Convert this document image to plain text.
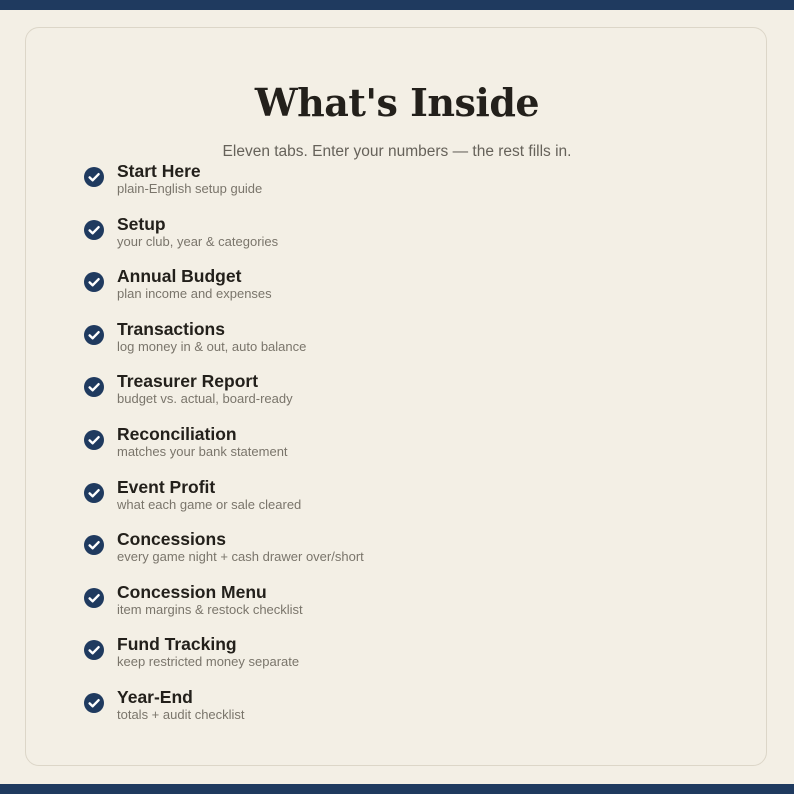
What's Inside

Eleven tabs. Enter your numbers — the rest fills in.

Start Here
plain-English setup guide
Setup
your club, year & categories
Annual Budget
plan income and expenses
Transactions
log money in & out, auto balance
Treasurer Report
budget vs. actual, board-ready
Reconciliation
matches your bank statement
Event Profit
what each game or sale cleared
Concessions
every game night + cash drawer over/short
Concession Menu
item margins & restock checklist
Fund Tracking
keep restricted money separate
Year-End
totals + audit checklist
